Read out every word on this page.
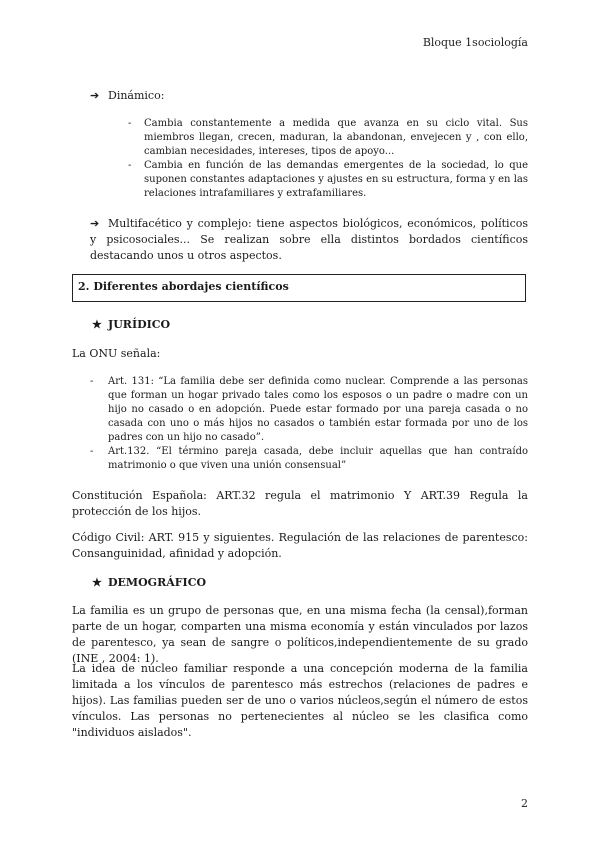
Bloque 1sociología
➔ Dinámico:
- Cambia constantemente a medida que avanza en su ciclo vital. Sus miembros llegan, crecen, maduran, la abandonan, envejecen y , con ello, cambian necesidades, intereses, tipos de apoyo...
- Cambia en función de las demandas emergentes de la sociedad, lo que suponen constantes adaptaciones y ajustes en su estructura, forma y en las relaciones intrafamiliares y extrafamiliares.
➔ Multifacético y complejo: tiene aspectos biológicos, económicos, políticos y psicosociales... Se realizan sobre ella distintos bordados científicos destacando unos u otros aspectos.
2. Diferentes abordajes científicos
★ JURÍDICO
La ONU señala:
- Art. 131: “La familia debe ser definida como nuclear. Comprende a las personas que forman un hogar privado tales como los esposos o un padre o madre con un hijo no casado o en adopción. Puede estar formado por una pareja casada o no casada con uno o más hijos no casados o también estar formada por uno de los padres con un hijo no casado”.
- Art.132. “El término pareja casada, debe incluir aquellas que han contraído matrimonio o que viven una unión consensual”
Constitución Española: ART.32 regula el matrimonio Y ART.39 Regula la protección de los hijos.
Código Civil: ART. 915 y siguientes. Regulación de las relaciones de parentesco: Consanguinidad, afinidad y adopción.
★ DEMOGRÁFICO
La familia es un grupo de personas que, en una misma fecha (la censal),forman parte de un hogar, comparten una misma economía y están vinculados por lazos de parentesco, ya sean de sangre o políticos,independientemente de su grado (INE , 2004: 1).
La idea de núcleo familiar responde a una concepción moderna de la familia limitada a los vínculos de parentesco más estrechos (relaciones de padres e hijos). Las familias pueden ser de uno o varios núcleos,según el número de estos vínculos. Las personas no pertenecientes al núcleo se les clasifica como "individuos aislados".
2
